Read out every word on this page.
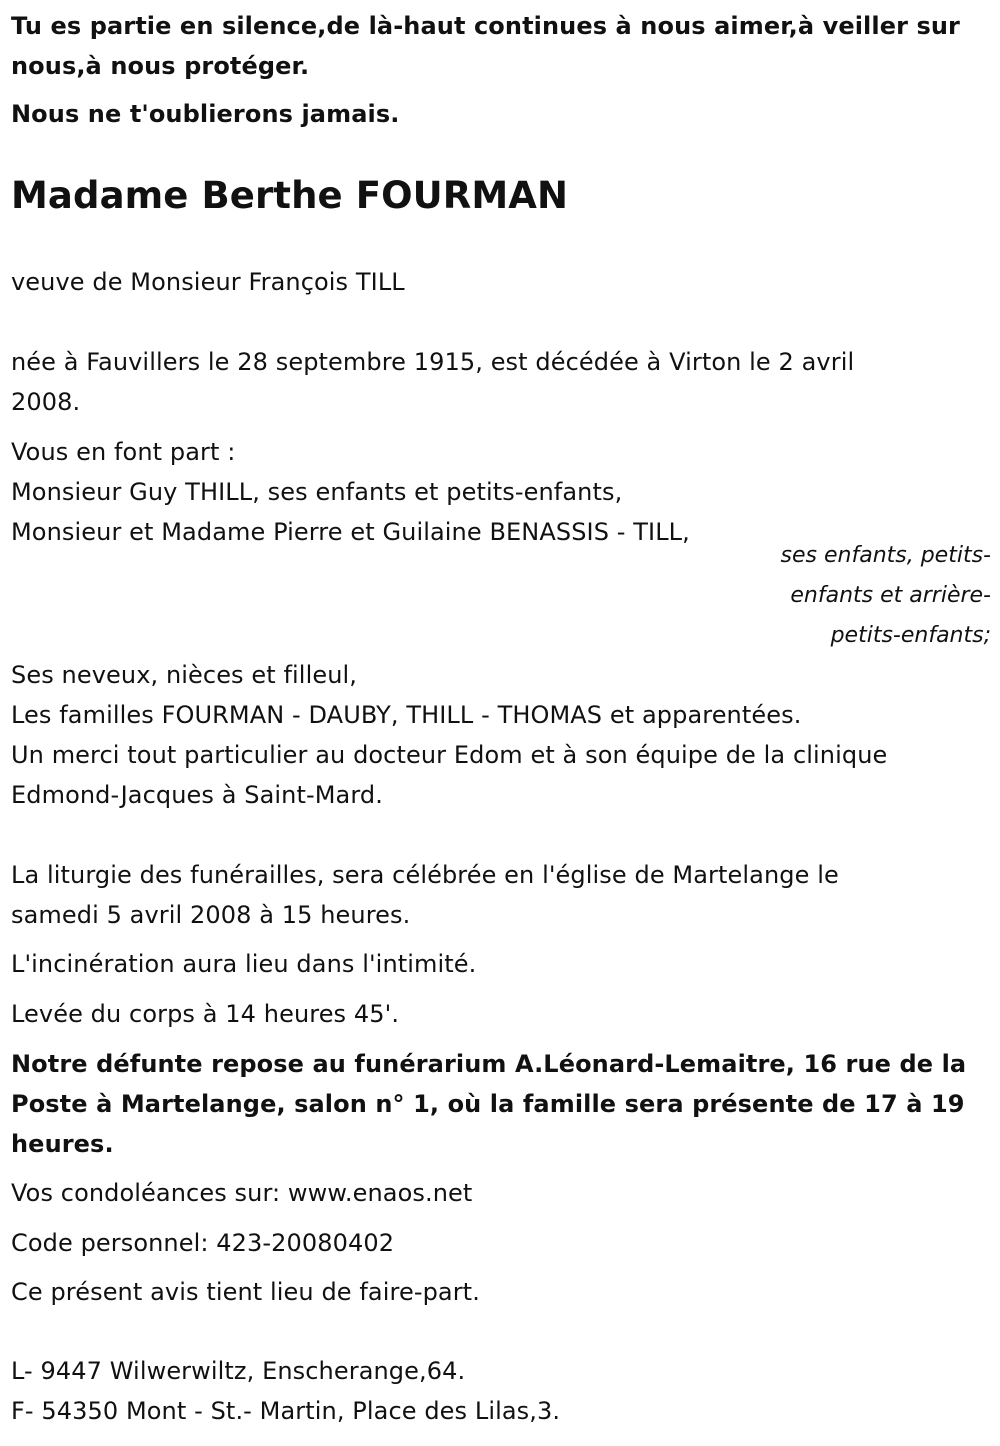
Tu es partie en silence,de là-haut continues à nous aimer,à veiller sur
nous,à nous protéger.
Nous ne t'oublierons jamais.
Madame Berthe FOURMAN
veuve de Monsieur François TILL
née à Fauvillers le 28 septembre 1915, est décédée à Virton le 2 avril
2008.
Vous en font part :
Monsieur Guy THILL, ses enfants et petits-enfants,
Monsieur et Madame Pierre et Guilaine BENASSIS - TILL,
ses enfants, petits-
enfants et arrière-
petits-enfants;
Ses neveux, nièces et filleul,
Les familles FOURMAN - DAUBY, THILL - THOMAS et apparentées.
Un merci tout particulier au docteur Edom et à son équipe de la clinique
Edmond-Jacques à Saint-Mard.
La liturgie des funérailles, sera célébrée en l'église de Martelange le
samedi 5 avril 2008 à 15 heures.
L'incinération aura lieu dans l'intimité.
Levée du corps à 14 heures 45'.
Notre défunte repose au funérarium A.Léonard-Lemaitre, 16 rue de la
Poste à Martelange, salon n° 1, où la famille sera présente de 17 à 19
heures.
Vos condoléances sur: www.enaos.net
Code personnel: 423-20080402
Ce présent avis tient lieu de faire-part.
L- 9447 Wilwerwiltz, Enscherange,64.
F- 54350 Mont - St.- Martin, Place des Lilas,3.
